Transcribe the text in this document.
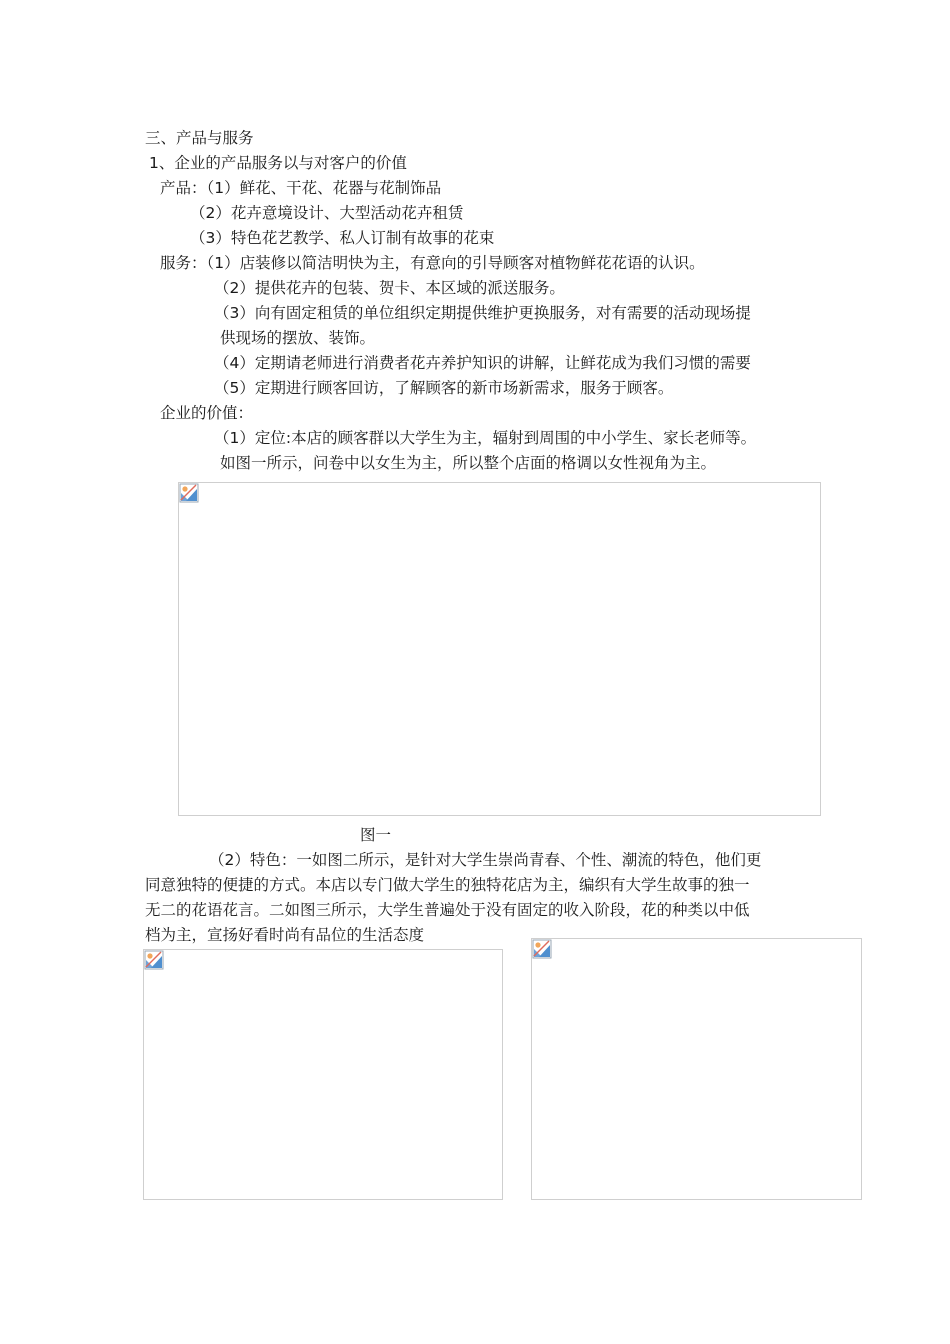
三、产品与服务
1、企业的产品服务以与对客户的价值
产品：（1）鲜花、干花、花器与花制饰品
（2）花卉意境设计、大型活动花卉租赁
（3）特色花艺教学、私人订制有故事的花束
服务：（1）店装修以简洁明快为主，有意向的引导顾客对植物鲜花花语的认识。
（2）提供花卉的包装、贺卡、本区域的派送服务。
（3）向有固定租赁的单位组织定期提供维护更换服务，对有需要的活动现场提
供现场的摆放、装饰。
（4）定期请老师进行消费者花卉养护知识的讲解，让鲜花成为我们习惯的需要
（5）定期进行顾客回访，了解顾客的新市场新需求，服务于顾客。
企业的价值：
（1）定位:本店的顾客群以大学生为主，辐射到周围的中小学生、家长老师等。
如图一所示，问卷中以女生为主，所以整个店面的格调以女性视角为主。
图一
（2）特色：一如图二所示，是针对大学生崇尚青春、个性、潮流的特色，他们更
同意独特的便捷的方式。本店以专门做大学生的独特花店为主，编织有大学生故事的独一
无二的花语花言。二如图三所示，大学生普遍处于没有固定的收入阶段，花的种类以中低
档为主，宣扬好看时尚有品位的生活态度
